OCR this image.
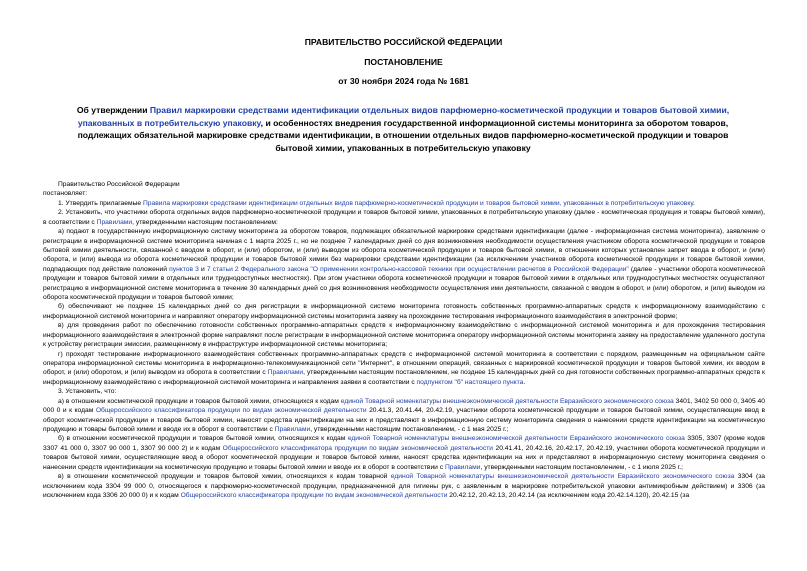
ПРАВИТЕЛЬСТВО РОССИЙСКОЙ ФЕДЕРАЦИИ
ПОСТАНОВЛЕНИЕ
от 30 ноября 2024 года № 1681
Об утверждении Правил маркировки средствами идентификации отдельных видов парфюмерно-косметической продукции и товаров бытовой химии, упакованных в потребительскую упаковку, и особенностях внедрения государственной информационной системы мониторинга за оборотом товаров, подлежащих обязательной маркировке средствами идентификации, в отношении отдельных видов парфюмерно-косметической продукции и товаров бытовой химии, упакованных в потребительскую упаковку

Правительство Российской Федерации

постановляет:

1. Утвердить прилагаемые Правила маркировки средствами идентификации отдельных видов парфюмерно-косметической продукции и товаров бытовой химии, упакованных в потребительскую упаковку.

2. Установить, что участники оборота отдельных видов парфюмерно-косметической продукции и товаров бытовой химии, упакованных в потребительскую упаковку (далее - косметическая продукция и товары бытовой химии), в соответствии с Правилами, утвержденными настоящим постановлением:

а) подают в государственную информационную систему мониторинга за оборотом товаров, подлежащих обязательной маркировке средствами идентификации (далее - информационная система мониторинга), заявление о регистрации в информационной системе мониторинга начиная с 1 марта 2025 г., но не позднее 7 календарных дней со дня возникновения необходимости осуществления участником оборота косметической продукции и товаров бытовой химии деятельности, связанной с вводом в оборот, и (или) оборотом, и (или) выводом из оборота косметической продукции и товаров бытовой химии, в отношении которых установлен запрет ввода в оборот, и (или) оборота, и (или) вывода из оборота косметической продукции и товаров бытовой химии без маркировки средствами идентификации (за исключением участников оборота косметической продукции и товаров бытовой химии, подпадающих под действие положений пунктов 3 и 7 статьи 2 Федерального закона "О применении контрольно-кассовой техники при осуществлении расчетов в Российской Федерации" (далее - участники оборота косметической продукции и товаров бытовой химии в отдельных или труднодоступных местностях). При этом участники оборота косметической продукции и товаров бытовой химии в отдельных или труднодоступных местностях осуществляют регистрацию в информационной системе мониторинга в течение 30 календарных дней со дня возникновения необходимости осуществления ими деятельности, связанной с вводом в оборот, и (или) оборотом, и (или) выводом из оборота косметической продукции и товаров бытовой химии;

б) обеспечивают не позднее 15 календарных дней со дня регистрации в информационной системе мониторинга готовность собственных программно-аппаратных средств к информационному взаимодействию с информационной системой мониторинга и направляют оператору информационной системы мониторинга заявку на прохождение тестирования информационного взаимодействия в электронной форме;

в) для проведения работ по обеспечению готовности собственных программно-аппаратных средств к информационному взаимодействию с информационной системой мониторинга и для прохождения тестирования информационного взаимодействия в электронной форме направляют после регистрации в информационной системе мониторинга оператору информационной системы мониторинга заявку на предоставление удаленного доступа к устройству регистрации эмиссии, размещенному в инфраструктуре информационной системы мониторинга;

г) проходят тестирование информационного взаимодействия собственных программно-аппаратных средств с информационной системой мониторинга в соответствии с порядком, размещенным на официальном сайте оператора информационной системы мониторинга в информационно-телекоммуникационной сети "Интернет", в отношении операций, связанных с маркировкой косметической продукции и товаров бытовой химии, их вводом в оборот, и (или) оборотом, и (или) выводом из оборота в соответствии с Правилами, утвержденными настоящим постановлением, не позднее 15 календарных дней со дня готовности собственных программно-аппаратных средств к информационному взаимодействию с информационной системой мониторинга и направления заявки в соответствии с подпунктом "б" настоящего пункта.

3. Установить, что:

а) в отношении косметической продукции и товаров бытовой химии, относящихся к кодам единой Товарной номенклатуры внешнеэкономической деятельности Евразийского экономического союза 3401, 3402 50 000 0, 3405 40 000 0 и к кодам Общероссийского классификатора продукции по видам экономической деятельности 20.41.3, 20.41.44, 20.42.19, участники оборота косметической продукции и товаров бытовой химии, осуществляющие ввод в оборот косметической продукции и товаров бытовой химии, наносят средства идентификации на них и представляют в информационную систему мониторинга сведения о нанесении средств идентификации на косметическую продукцию и товары бытовой химии и вводе их в оборот в соответствии с Правилами, утвержденными настоящим постановлением, - с 1 мая 2025 г.;

б) в отношении косметической продукции и товаров бытовой химии, относящихся к кодам единой Товарной номенклатуры внешнеэкономической деятельности Евразийского экономического союза 3305, 3307 (кроме кодов 3307 41 000 0, 3307 90 000 1, 3307 90 000 2) и к кодам Общероссийского классификатора продукции по видам экономической деятельности 20.41.41, 20.42.16, 20.42.17, 20.42.19, участники оборота косметической продукции и товаров бытовой химии, осуществляющие ввод в оборот косметической продукции и товаров бытовой химии, наносят средства идентификации на них и представляют в информационную систему мониторинга сведения о нанесении средств идентификации на косметическую продукцию и товары бытовой химии и вводе их в оборот в соответствии с Правилами, утвержденными настоящим постановлением, - с 1 июля 2025 г.;

в) в отношении косметической продукции и товаров бытовой химии, относящихся к кодам товарной единой Товарной номенклатуры внешнеэкономической деятельности Евразийского экономического союза 3304 (за исключением кода 3304 99 000 0, относящегося к парфюмерно-косметической продукции, предназначенной для гигиены рук, с заявленным в маркировке потребительской упаковки антимикробным действием) и 3306 (за исключением кода 3306 20 000 0) и к кодам Общероссийского классификатора продукции по видам экономической деятельности 20.42.12, 20.42.13, 20.42.14 (за исключением кода 20.42.14.120), 20.42.15 (за
